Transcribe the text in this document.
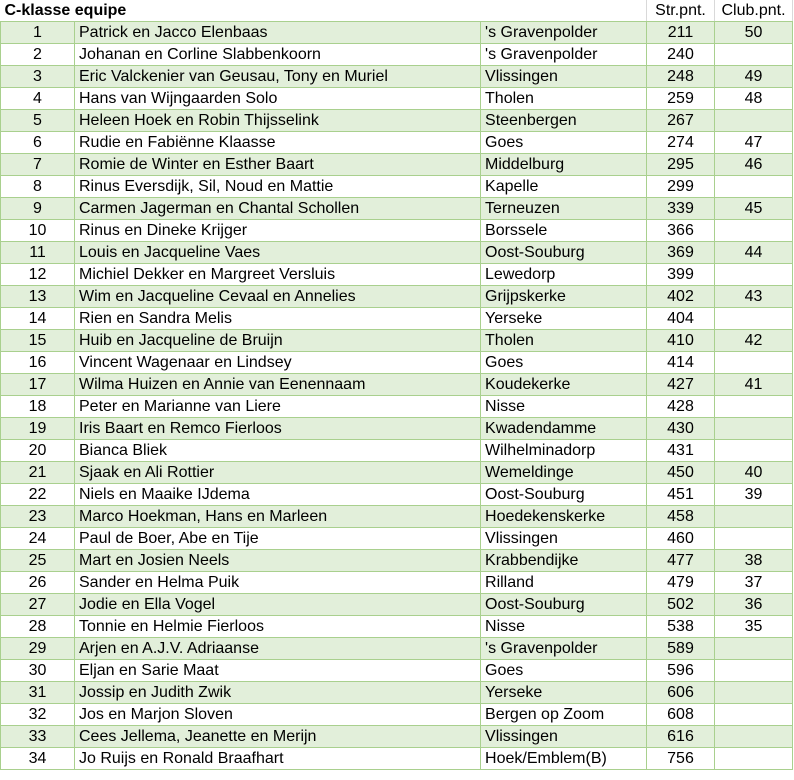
C-klasse equipe			Str.pnt.	Club.pnt.
1	Patrick en Jacco Elenbaas	's Gravenpolder	211	50
2	Johanan en Corline Slabbenkoorn	's Gravenpolder	240	
3	Eric Valckenier van Geusau, Tony en Muriel	Vlissingen	248	49
4	Hans van Wijngaarden Solo	Tholen	259	48
5	Heleen Hoek en Robin Thijsselink	Steenbergen	267	
6	Rudie en Fabiënne Klaasse	Goes	274	47
7	Romie de Winter en Esther Baart	Middelburg	295	46
8	Rinus Eversdijk, Sil, Noud en Mattie	Kapelle	299	
9	Carmen Jagerman en Chantal Schollen	Terneuzen	339	45
10	Rinus en Dineke Krijger	Borssele	366	
11	Louis en Jacqueline Vaes	Oost-Souburg	369	44
12	Michiel Dekker en Margreet Versluis	Lewedorp	399	
13	Wim en Jacqueline Cevaal en Annelies	Grijpskerke	402	43
14	Rien en Sandra Melis	Yerseke	404	
15	Huib en Jacqueline de Bruijn	Tholen	410	42
16	Vincent Wagenaar en Lindsey	Goes	414	
17	Wilma Huizen en Annie van Eenennaam	Koudekerke	427	41
18	Peter en Marianne van Liere	Nisse	428	
19	Iris Baart en Remco Fierloos	Kwadendamme	430	
20	Bianca Bliek	Wilhelminadorp	431	
21	Sjaak en Ali Rottier	Wemeldinge	450	40
22	Niels en Maaike IJdema	Oost-Souburg	451	39
23	Marco Hoekman, Hans en Marleen	Hoedekenskerke	458	
24	Paul de Boer, Abe en Tije	Vlissingen	460	
25	Mart en Josien Neels	Krabbendijke	477	38
26	Sander en Helma Puik	Rilland	479	37
27	Jodie en Ella Vogel	Oost-Souburg	502	36
28	Tonnie en Helmie Fierloos	Nisse	538	35
29	Arjen en A.J.V. Adriaanse	's Gravenpolder	589	
30	Eljan en Sarie Maat	Goes	596	
31	Jossip en Judith Zwik	Yerseke	606	
32	Jos en Marjon Sloven	Bergen op Zoom	608	
33	Cees Jellema, Jeanette en Merijn	Vlissingen	616	
34	Jo Ruijs en Ronald Braafhart	Hoek/Emblem(B)	756	
